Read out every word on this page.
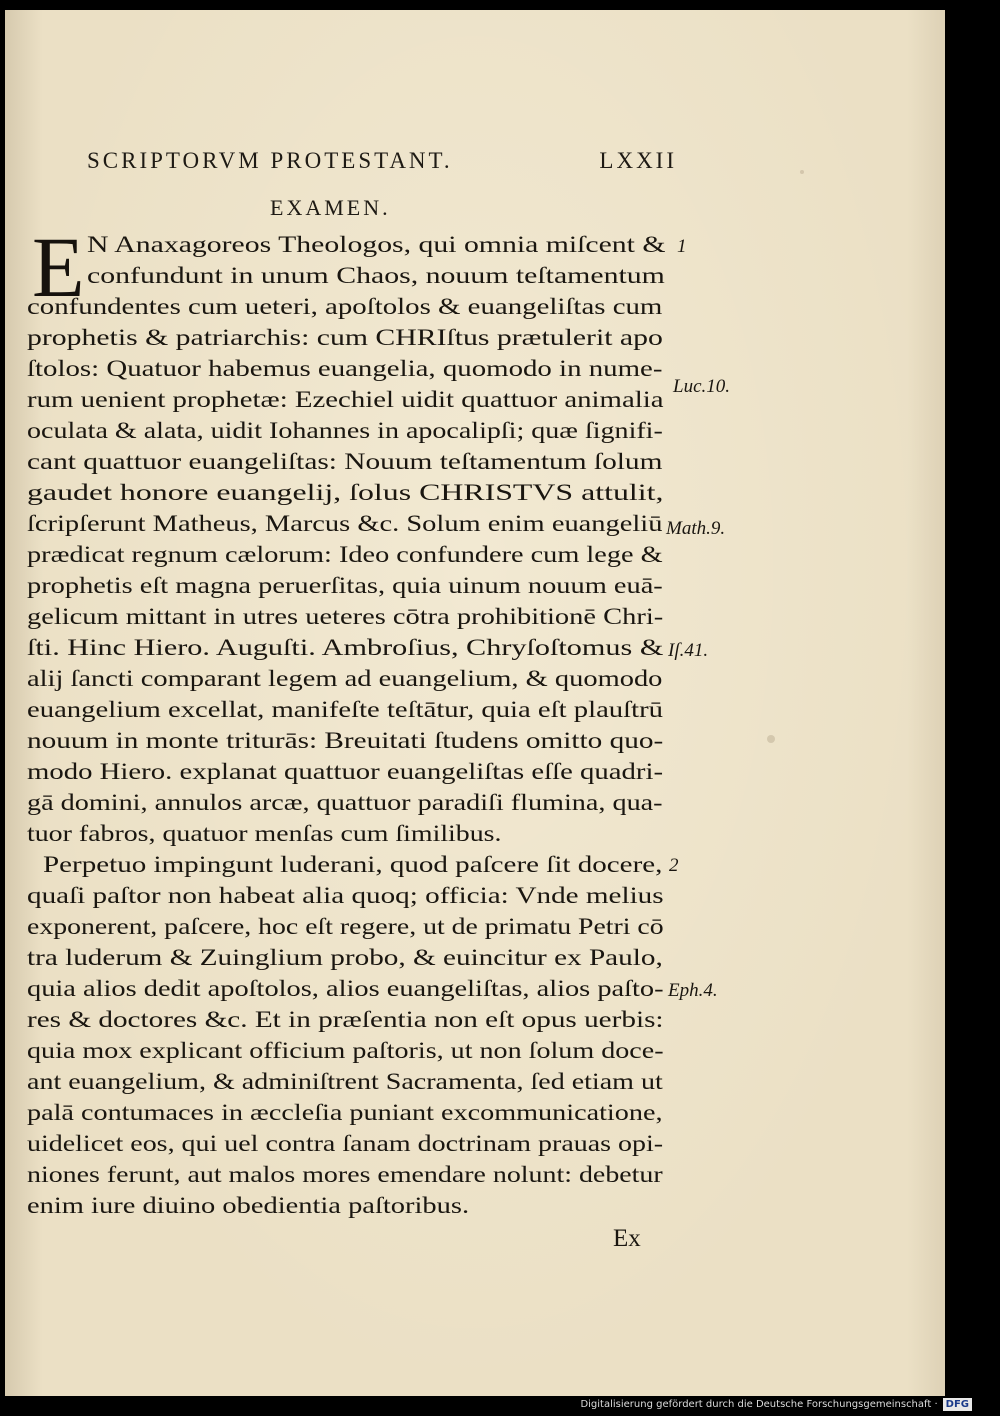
SCRIPTORVM PROTESTANT.	LXXII
EXAMEN.
E N Anaxagoreos Theologos, qui omnia miſcent &
confundunt in unum Chaos, nouum teſtamentum
confundentes cum ueteri, apoſtolos & euangeliſtas cum
prophetis & patriarchis: cum CHRIſtus prætulerit apo
ſtolos: Quatuor habemus euangelia, quomodo in nume-
rum uenient prophetæ: Ezechiel uidit quattuor animalia
oculata & alata, uidit Iohannes in apocalipſi; quæ ſignifi-
cant quattuor euangeliſtas: Nouum teſtamentum ſolum
gaudet honore euangelij, ſolus CHRISTVS attulit,
ſcripſerunt Matheus, Marcus &c. Solum enim euangeliū
prædicat regnum cælorum: Ideo confundere cum lege &
prophetis eſt magna peruerſitas, quia uinum nouum euā-
gelicum mittant in utres ueteres cōtra prohibitionē Chri-
ſti. Hinc Hiero. Auguſti. Ambroſius, Chryſoſtomus &
alij ſancti comparant legem ad euangelium, & quomodo
euangelium excellat, manifeſte teſtātur, quia eſt plauſtrū
nouum in monte triturās: Breuitati ſtudens omitto quo-
modo Hiero. explanat quattuor euangeliſtas eſſe quadri-
gā domini, annulos arcæ, quattuor paradiſi flumina, qua-
tuor fabros, quatuor menſas cum ſimilibus.
Perpetuo impingunt luderani, quod paſcere ſit docere,
quaſi paſtor non habeat alia quoq; officia: Vnde melius
exponerent, paſcere, hoc eſt regere, ut de primatu Petri cō
tra luderum & Zuinglium probo, & euincitur ex Paulo,
quia alios dedit apoſtolos, alios euangeliſtas, alios paſto-
res & doctores &c. Et in præſentia non eſt opus uerbis:
quia mox explicant officium paſtoris, ut non ſolum doce-
ant euangelium, & adminiſtrent Sacramenta, ſed etiam ut
palā contumaces in æccleſia puniant excommunicatione,
uidelicet eos, qui uel contra ſanam doctrinam prauas opi-
niones ferunt, aut malos mores emendare nolunt: debetur
enim iure diuino obedientia paſtoribus.
1
Luc.10.
Math.9.
Iſ.41.
2
Eph.4.
Ex
Digitalisierung gefördert durch die Deutsche Forschungsgemeinschaft · DFG
